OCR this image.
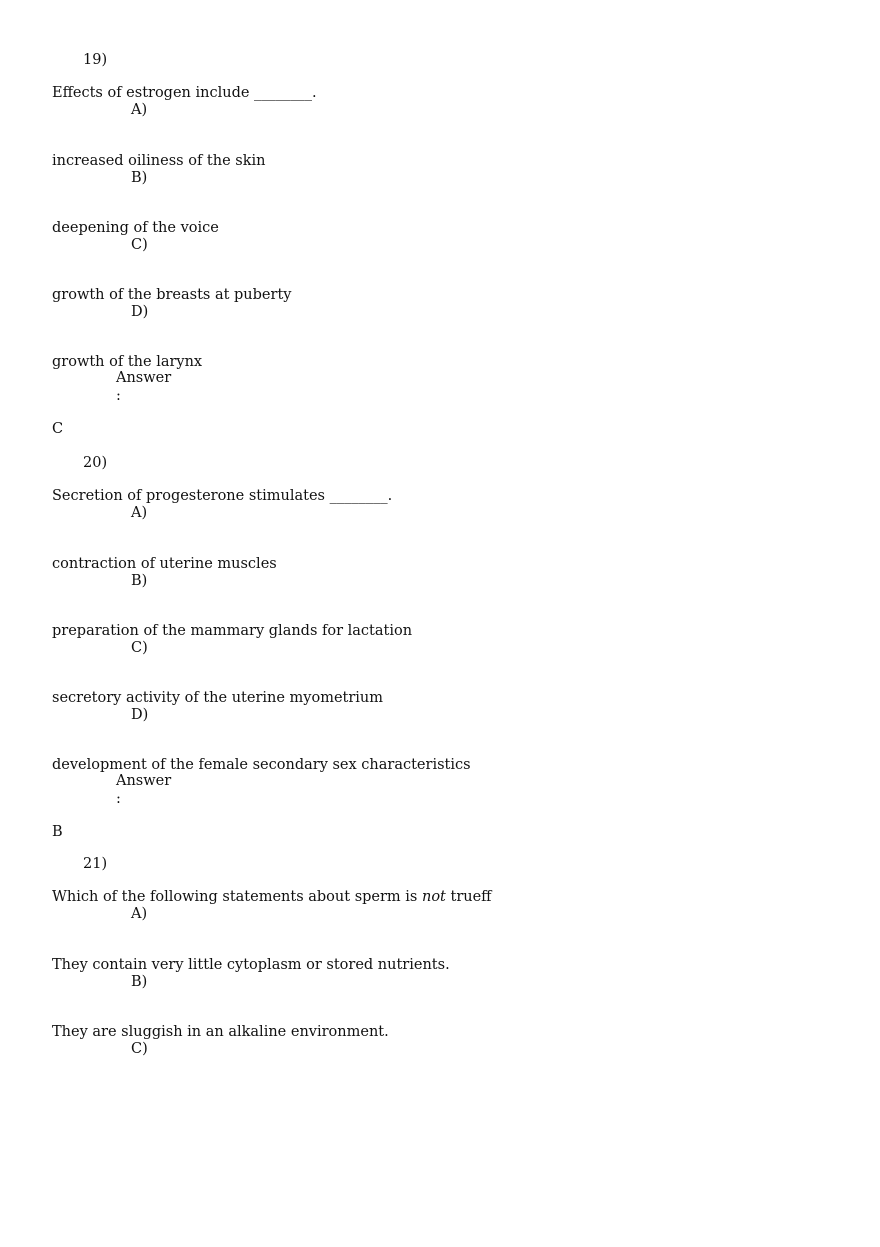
19)
Effects of estrogen include ________.
A)
increased oiliness of the skin
B)
deepening of the voice
C)
growth of the breasts at puberty
D)
growth of the larynx
Answer
:
C
20)
Secretion of progesterone stimulates ________.
A)
contraction of uterine muscles
B)
preparation of the mammary glands for lactation
C)
secretory activity of the uterine myometrium
D)
development of the female secondary sex characteristics
Answer
:
B
21)
Which of the following statements about sperm is not trueff
A)
They contain very little cytoplasm or stored nutrients.
B)
They are sluggish in an alkaline environment.
C)
